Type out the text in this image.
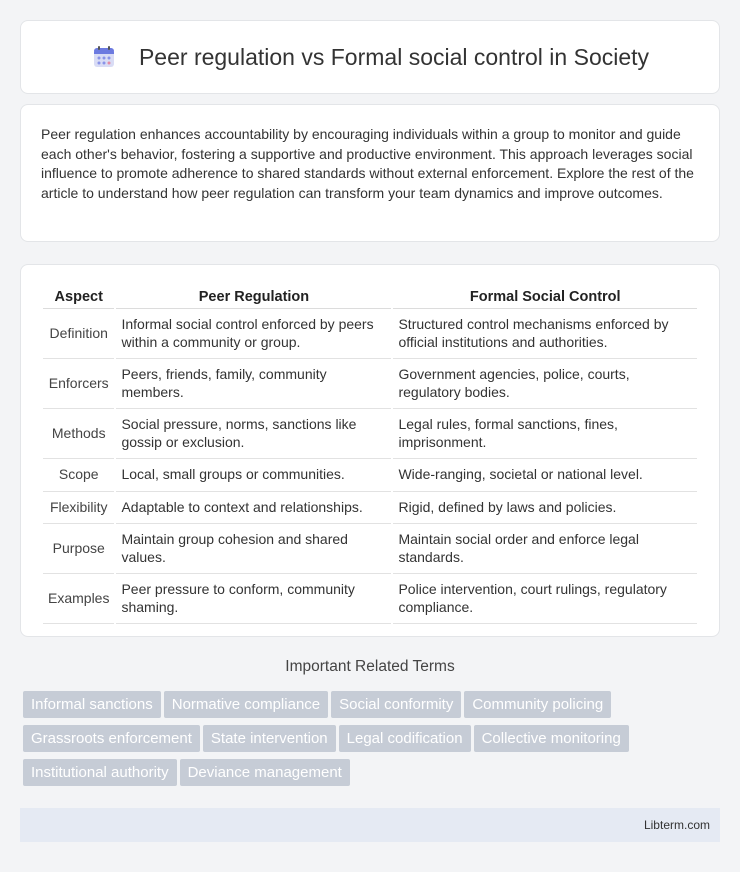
Peer regulation vs Formal social control in Society

Peer regulation enhances accountability by encouraging individuals within a group to monitor and guide each other's behavior, fostering a supportive and productive environment. This approach leverages social influence to promote adherence to shared standards without external enforcement. Explore the rest of the article to understand how peer regulation can transform your team dynamics and improve outcomes.

Aspect	Peer Regulation	Formal Social Control
Definition	Informal social control enforced by peers within a community or group.	Structured control mechanisms enforced by official institutions and authorities.
Enforcers	Peers, friends, family, community members.	Government agencies, police, courts, regulatory bodies.
Methods	Social pressure, norms, sanctions like gossip or exclusion.	Legal rules, formal sanctions, fines, imprisonment.
Scope	Local, small groups or communities.	Wide-ranging, societal or national level.
Flexibility	Adaptable to context and relationships.	Rigid, defined by laws and policies.
Purpose	Maintain group cohesion and shared values.	Maintain social order and enforce legal standards.
Examples	Peer pressure to conform, community shaming.	Police intervention, court rulings, regulatory compliance.
Important Related Terms
Informal sanctions Normative compliance Social conformity Community policingGrassroots enforcement State intervention Legal codification Collective monitoringInstitutional authority Deviance management
Libterm.com
